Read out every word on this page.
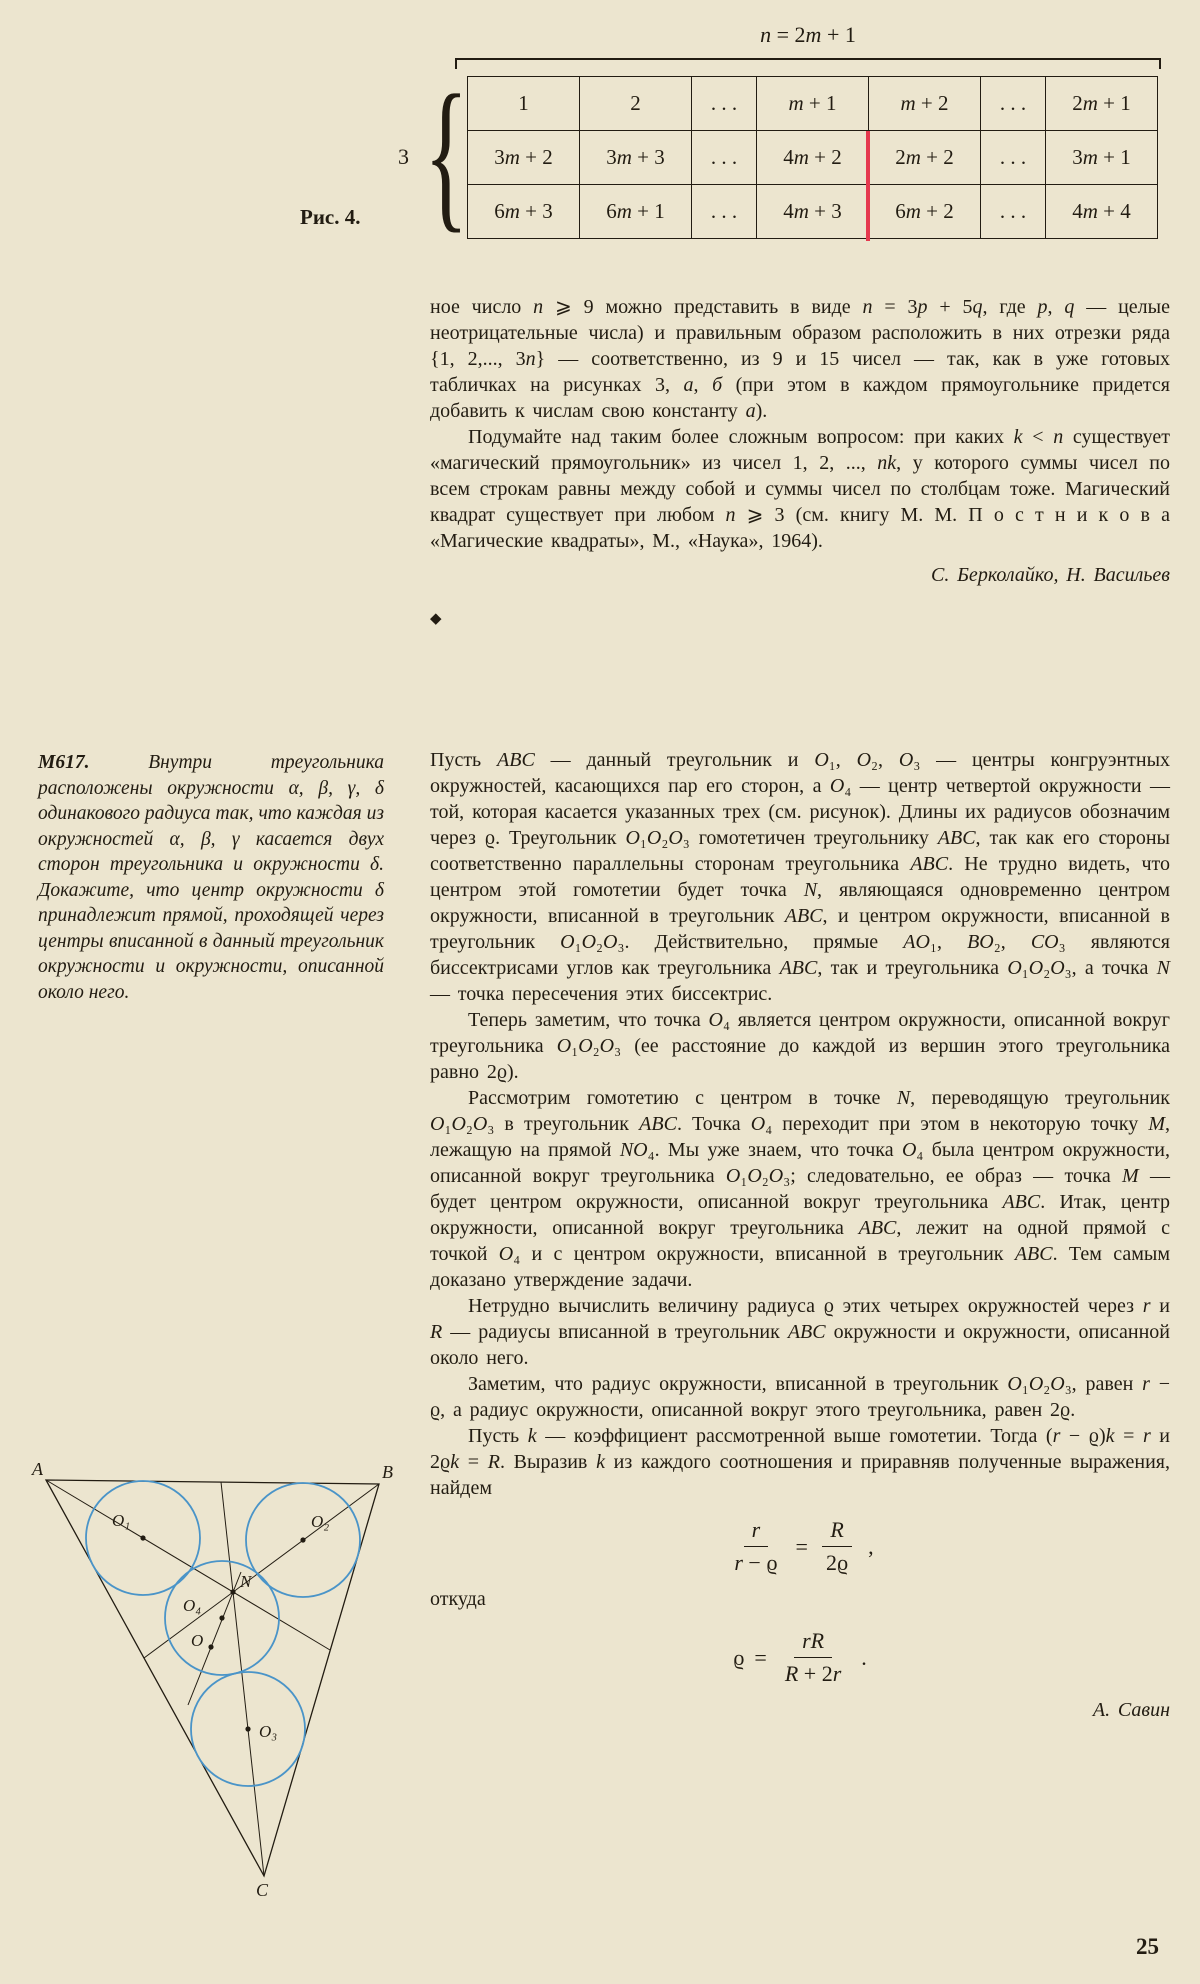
n = 2m + 1
3 {
Рис. 4.
1	2	. . .	m + 1	m + 2	. . .	2m + 1
3m + 2	3m + 3	. . .	4m + 2	2m + 2	. . .	3m + 1
6m + 3	6m + 1	. . .	4m + 3	6m + 2	. . .	4m + 4

ное число n ⩾ 9 можно представить в виде n = 3p + 5q, где p, q — целые неотрицательные числа) и правильным образом расположить в них отрезки ряда {1, 2,..., 3n} — соответственно, из 9 и 15 чисел — так, как в уже готовых табличках на рисунках 3, а, б (при этом в каждом прямоугольнике придется добавить к числам свою константу a).

Подумайте над таким более сложным вопросом: при каких k < n существует «магический прямоугольник» из чисел 1, 2, ..., nk, у которого суммы чисел по всем строкам равны между собой и суммы чисел по столбцам тоже. Магический квадрат существует при любом n ⩾ 3 (см. книгу М. М. П о с т н и к о в а «Магические квадраты», М., «Наука», 1964).

С. Берколайко, Н. Васильев
◆
М617.	Внутри треугольника расположены окружности α, β, γ, δ одинакового радиуса так, что каждая из окружностей α, β, γ касается двух сторон треугольника и окружности δ. Докажите, что центр окружности δ принадлежит прямой, проходящей через центры вписанной в данный треугольник окружности и окружности, описанной около него.

Пусть ABC — данный треугольник и O₁, O₂, O₃ — центры конгруэнтных окружностей, касающихся пар его сторон, а O₄ — центр четвертой окружности — той, которая касается указанных трех (см. рисунок). Длины их радиусов обозначим через ϱ. Треугольник O₁O₂O₃ гомотетичен треугольнику ABC, так как его стороны соответственно параллельны сторонам треугольника ABC. Не трудно видеть, что центром этой гомотетии будет точка N, являющаяся одновременно центром окружности, вписанной в треугольник ABC, и центром окружности, вписанной в треугольник O₁O₂O₃. Действительно, прямые AO₁, BO₂, CO₃ являются биссектрисами углов как треугольника ABC, так и треугольника O₁O₂O₃, а точка N — точка пересечения этих биссектрис.

Теперь заметим, что точка O₄ является центром окружности, описанной вокруг треугольника O₁O₂O₃ (ее расстояние до каждой из вершин этого треугольника равно 2ϱ).

Рассмотрим гомотетию с центром в точке N, переводящую треугольник O₁O₂O₃ в треугольник ABC. Точка O₄ переходит при этом в некоторую точку M, лежащую на прямой NO₄. Мы уже знаем, что точка O₄ была центром окружности, описанной вокруг треугольника O₁O₂O₃; следовательно, ее образ — точка M — будет центром окружности, описанной вокруг треугольника ABC. Итак, центр окружности, описанной вокруг треугольника ABC, лежит на одной прямой с точкой O₄ и с центром окружности, вписанной в треугольник ABC. Тем самым доказано утверждение задачи.

Нетрудно вычислить величину радиуса ϱ этих четырех окружностей через r и R — радиусы вписанной в треугольник ABC окружности и окружности, описанной около него.

Заметим, что радиус окружности, вписанной в треугольник O₁O₂O₃, равен r − ϱ, а радиус окружности, описанной вокруг этого треугольника, равен 2ϱ.

Пусть k — коэффициент рассмотренной выше гомотетии. Тогда (r − ϱ)k = r и 2ϱk = R. Выразив k из каждого соотношения и приравняв полученные выражения, найдем

$\frac{r}{r - ϱ} = \frac{R}{2ϱ}$ ,

откуда

$ϱ = \frac{rR}{R + 2r}$ .
А. Савин
A	B
C
O₁	O₂
O₃
O₄
O
N
25
